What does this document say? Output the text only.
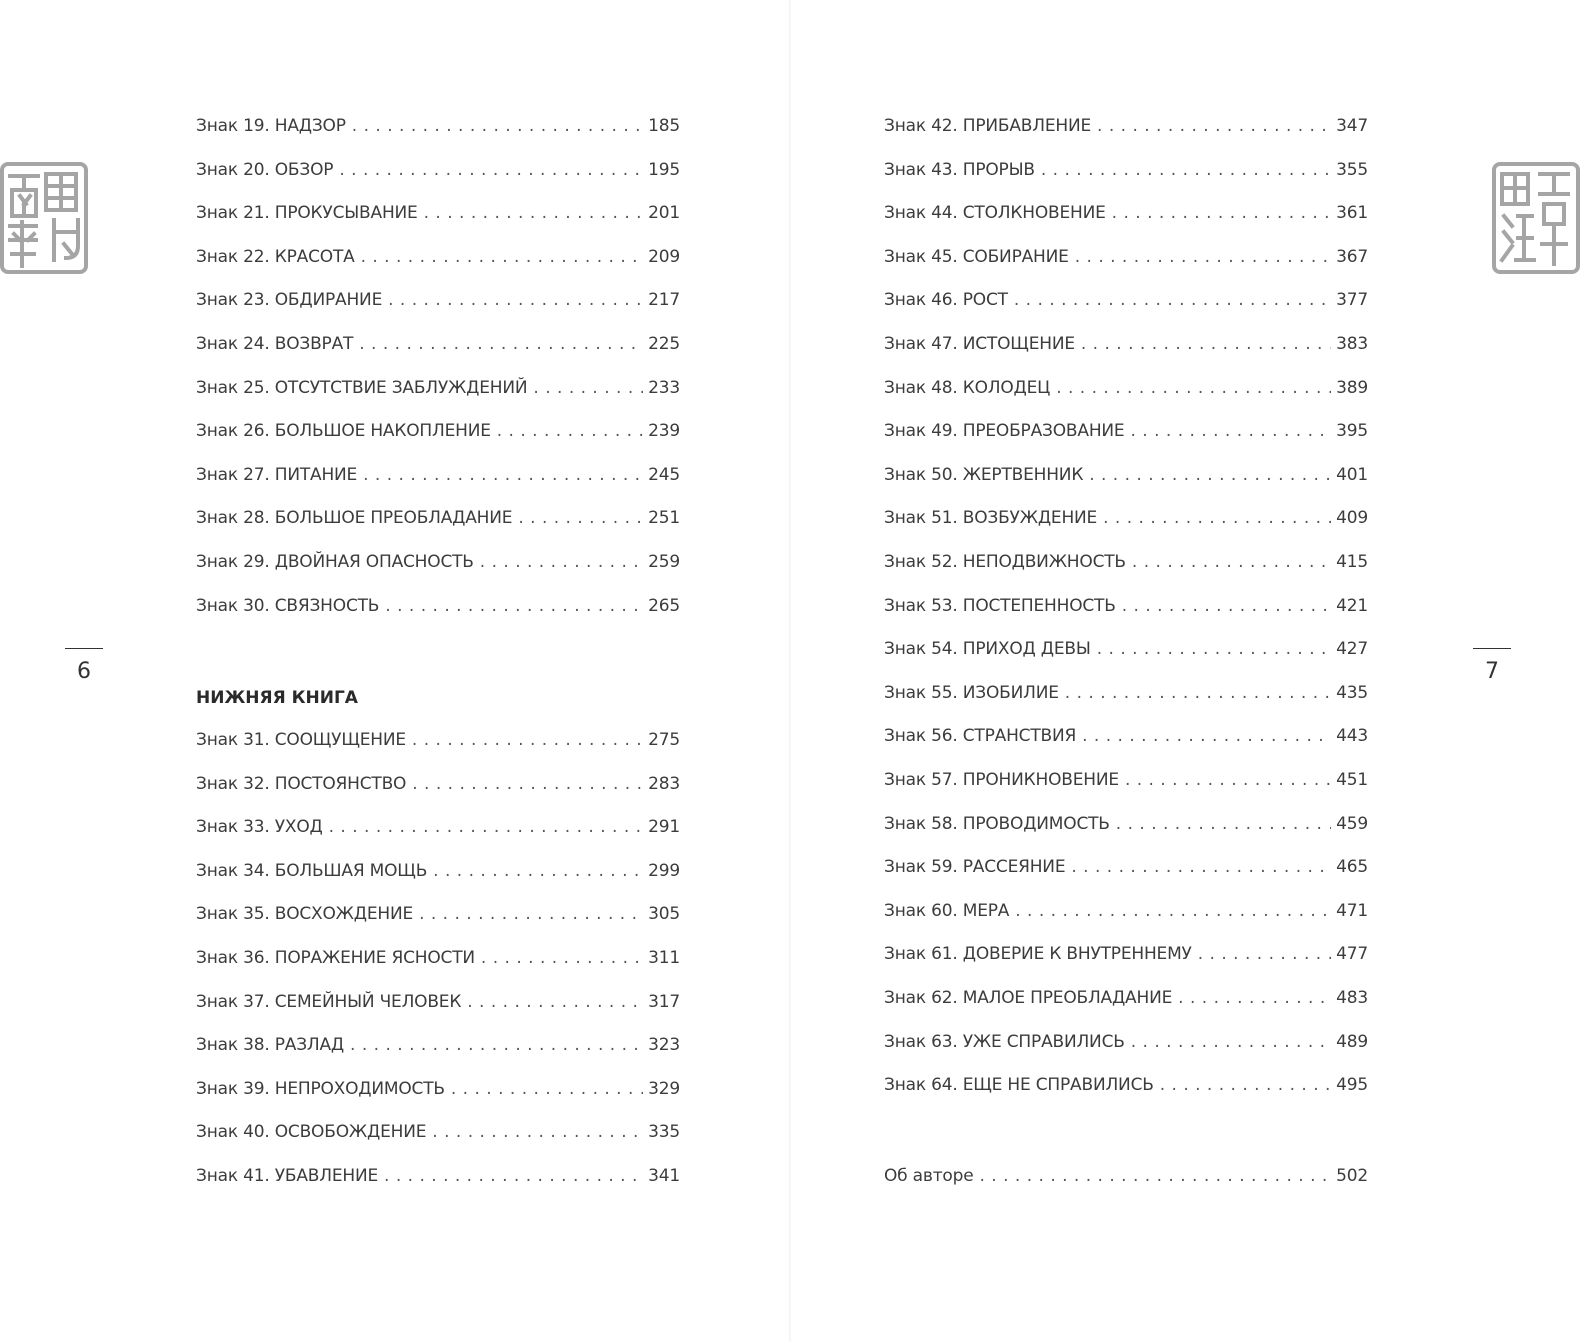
Знак 19. НАДЗОР . . .	185
Знак 20. ОБЗОР . . .	195
Знак 21. ПРОКУСЫВАНИЕ . . .	201
Знак 22. КРАСОТА . . .	209
Знак 23. ОБДИРАНИЕ . . .	217
Знак 24. ВОЗВРАТ . . .	225
Знак 25. ОТСУТСТВИЕ ЗАБЛУЖДЕНИЙ . . .	233
Знак 26. БОЛЬШОЕ НАКОПЛЕНИЕ . . .	239
Знак 27. ПИТАНИЕ . . .	245
Знак 28. БОЛЬШОЕ ПРЕОБЛАДАНИЕ . . .	251
Знак 29. ДВОЙНАЯ ОПАСНОСТЬ . . .	259
Знак 30. СВЯЗНОСТЬ . . .	265
НИЖНЯЯ КНИГА
Знак 31. СООЩУЩЕНИЕ . . .	275
Знак 32. ПОСТОЯНСТВО . . .	283
Знак 33. УХОД . . .	291
Знак 34. БОЛЬШАЯ МОЩЬ . . .	299
Знак 35. ВОСХОЖДЕНИЕ . . .	305
Знак 36. ПОРАЖЕНИЕ ЯСНОСТИ . . .	311
Знак 37. СЕМЕЙНЫЙ ЧЕЛОВЕК . . .	317
Знак 38. РАЗЛАД . . .	323
Знак 39. НЕПРОХОДИМОСТЬ . . .	329
Знак 40. ОСВОБОЖДЕНИЕ . . .	335
Знак 41. УБАВЛЕНИЕ . . .	341
6
Знак 42. ПРИБАВЛЕНИЕ . . .	347
Знак 43. ПРОРЫВ . . .	355
Знак 44. СТОЛКНОВЕНИЕ . . .	361
Знак 45. СОБИРАНИЕ . . .	367
Знак 46. РОСТ . . .	377
Знак 47. ИСТОЩЕНИЕ . . .	383
Знак 48. КОЛОДЕЦ . . .	389
Знак 49. ПРЕОБРАЗОВАНИЕ . . .	395
Знак 50. ЖЕРТВЕННИК . . .	401
Знак 51. ВОЗБУЖДЕНИЕ . . .	409
Знак 52. НЕПОДВИЖНОСТЬ . . .	415
Знак 53. ПОСТЕПЕННОСТЬ . . .	421
Знак 54. ПРИХОД ДЕВЫ . . .	427
Знак 55. ИЗОБИЛИЕ . . .	435
Знак 56. СТРАНСТВИЯ . . .	443
Знак 57. ПРОНИКНОВЕНИЕ . . .	451
Знак 58. ПРОВОДИМОСТЬ . . .	459
Знак 59. РАССЕЯНИЕ . . .	465
Знак 60. МЕРА . . .	471
Знак 61. ДОВЕРИЕ К ВНУТРЕННЕМУ . . .	477
Знак 62. МАЛОЕ ПРЕОБЛАДАНИЕ . . .	483
Знак 63. УЖЕ СПРАВИЛИСЬ . . .	489
Знак 64. ЕЩЕ НЕ СПРАВИЛИСЬ . . .	495
Об авторе . . .	502
7
